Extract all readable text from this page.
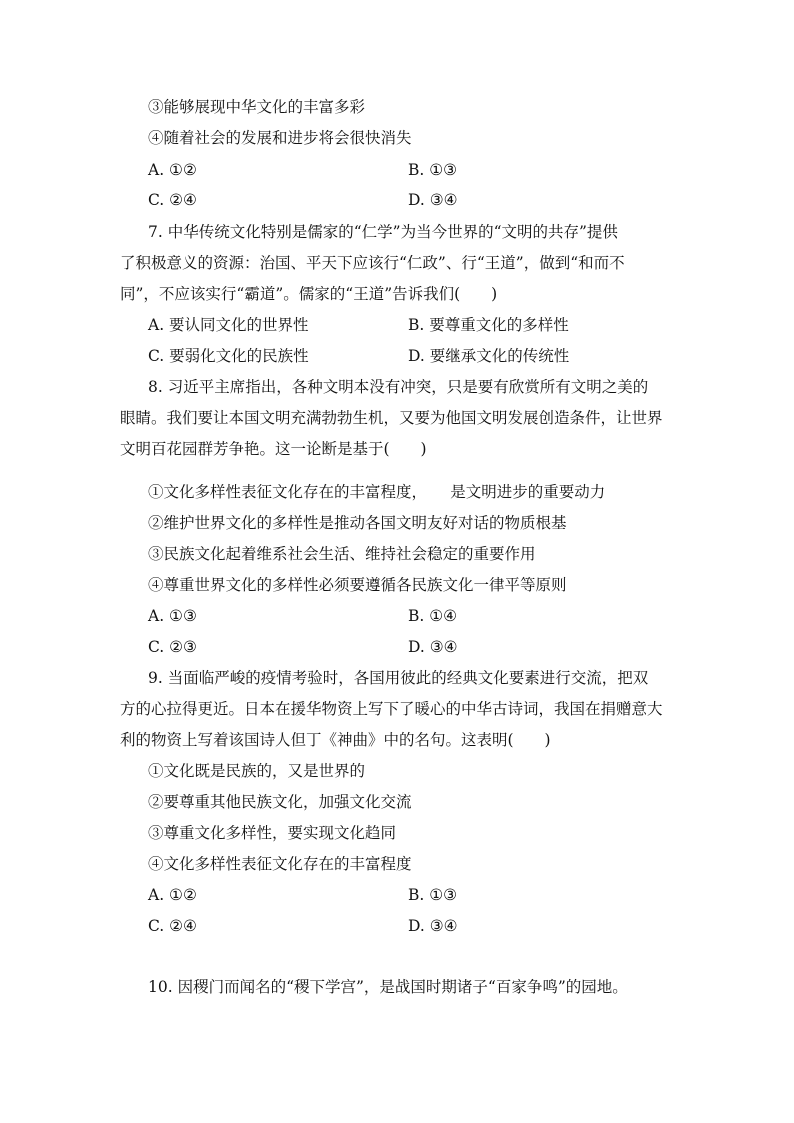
③能够展现中华文化的丰富多彩
④随着社会的发展和进步将会很快消失
A. ①②	B. ①③
C. ②④	D. ③④
7. 中华传统文化特别是儒家的“仁学”为当今世界的“文明的共存”提供
了积极意义的资源：治国、平天下应该行“仁政”、行“王道”，做到“和而不
同”，不应该实行“霸道”。儒家的“王道”告诉我们(　　)
A. 要认同文化的世界性	B. 要尊重文化的多样性
C. 要弱化文化的民族性	D. 要继承文化的传统性
8. 习近平主席指出，各种文明本没有冲突，只是要有欣赏所有文明之美的
眼睛。我们要让本国文明充满勃勃生机，又要为他国文明发展创造条件，让世界
文明百花园群芳争艳。这一论断是基于(　　)
①文化多样性表征文化存在的丰富程度，　　是文明进步的重要动力
②维护世界文化的多样性是推动各国文明友好对话的物质根基
③民族文化起着维系社会生活、维持社会稳定的重要作用
④尊重世界文化的多样性必须要遵循各民族文化一律平等原则
A. ①③	B. ①④
C. ②③	D. ③④
9. 当面临严峻的疫情考验时，各国用彼此的经典文化要素进行交流，把双
方的心拉得更近。日本在援华物资上写下了暖心的中华古诗词，我国在捐赠意大
利的物资上写着该国诗人但丁《神曲》中的名句。这表明(　　)
①文化既是民族的，又是世界的
②要尊重其他民族文化，加强文化交流
③尊重文化多样性，要实现文化趋同
④文化多样性表征文化存在的丰富程度
A. ①②	B. ①③
C. ②④	D. ③④
10. 因稷门而闻名的“稷下学宫”，是战国时期诸子“百家争鸣”的园地。
